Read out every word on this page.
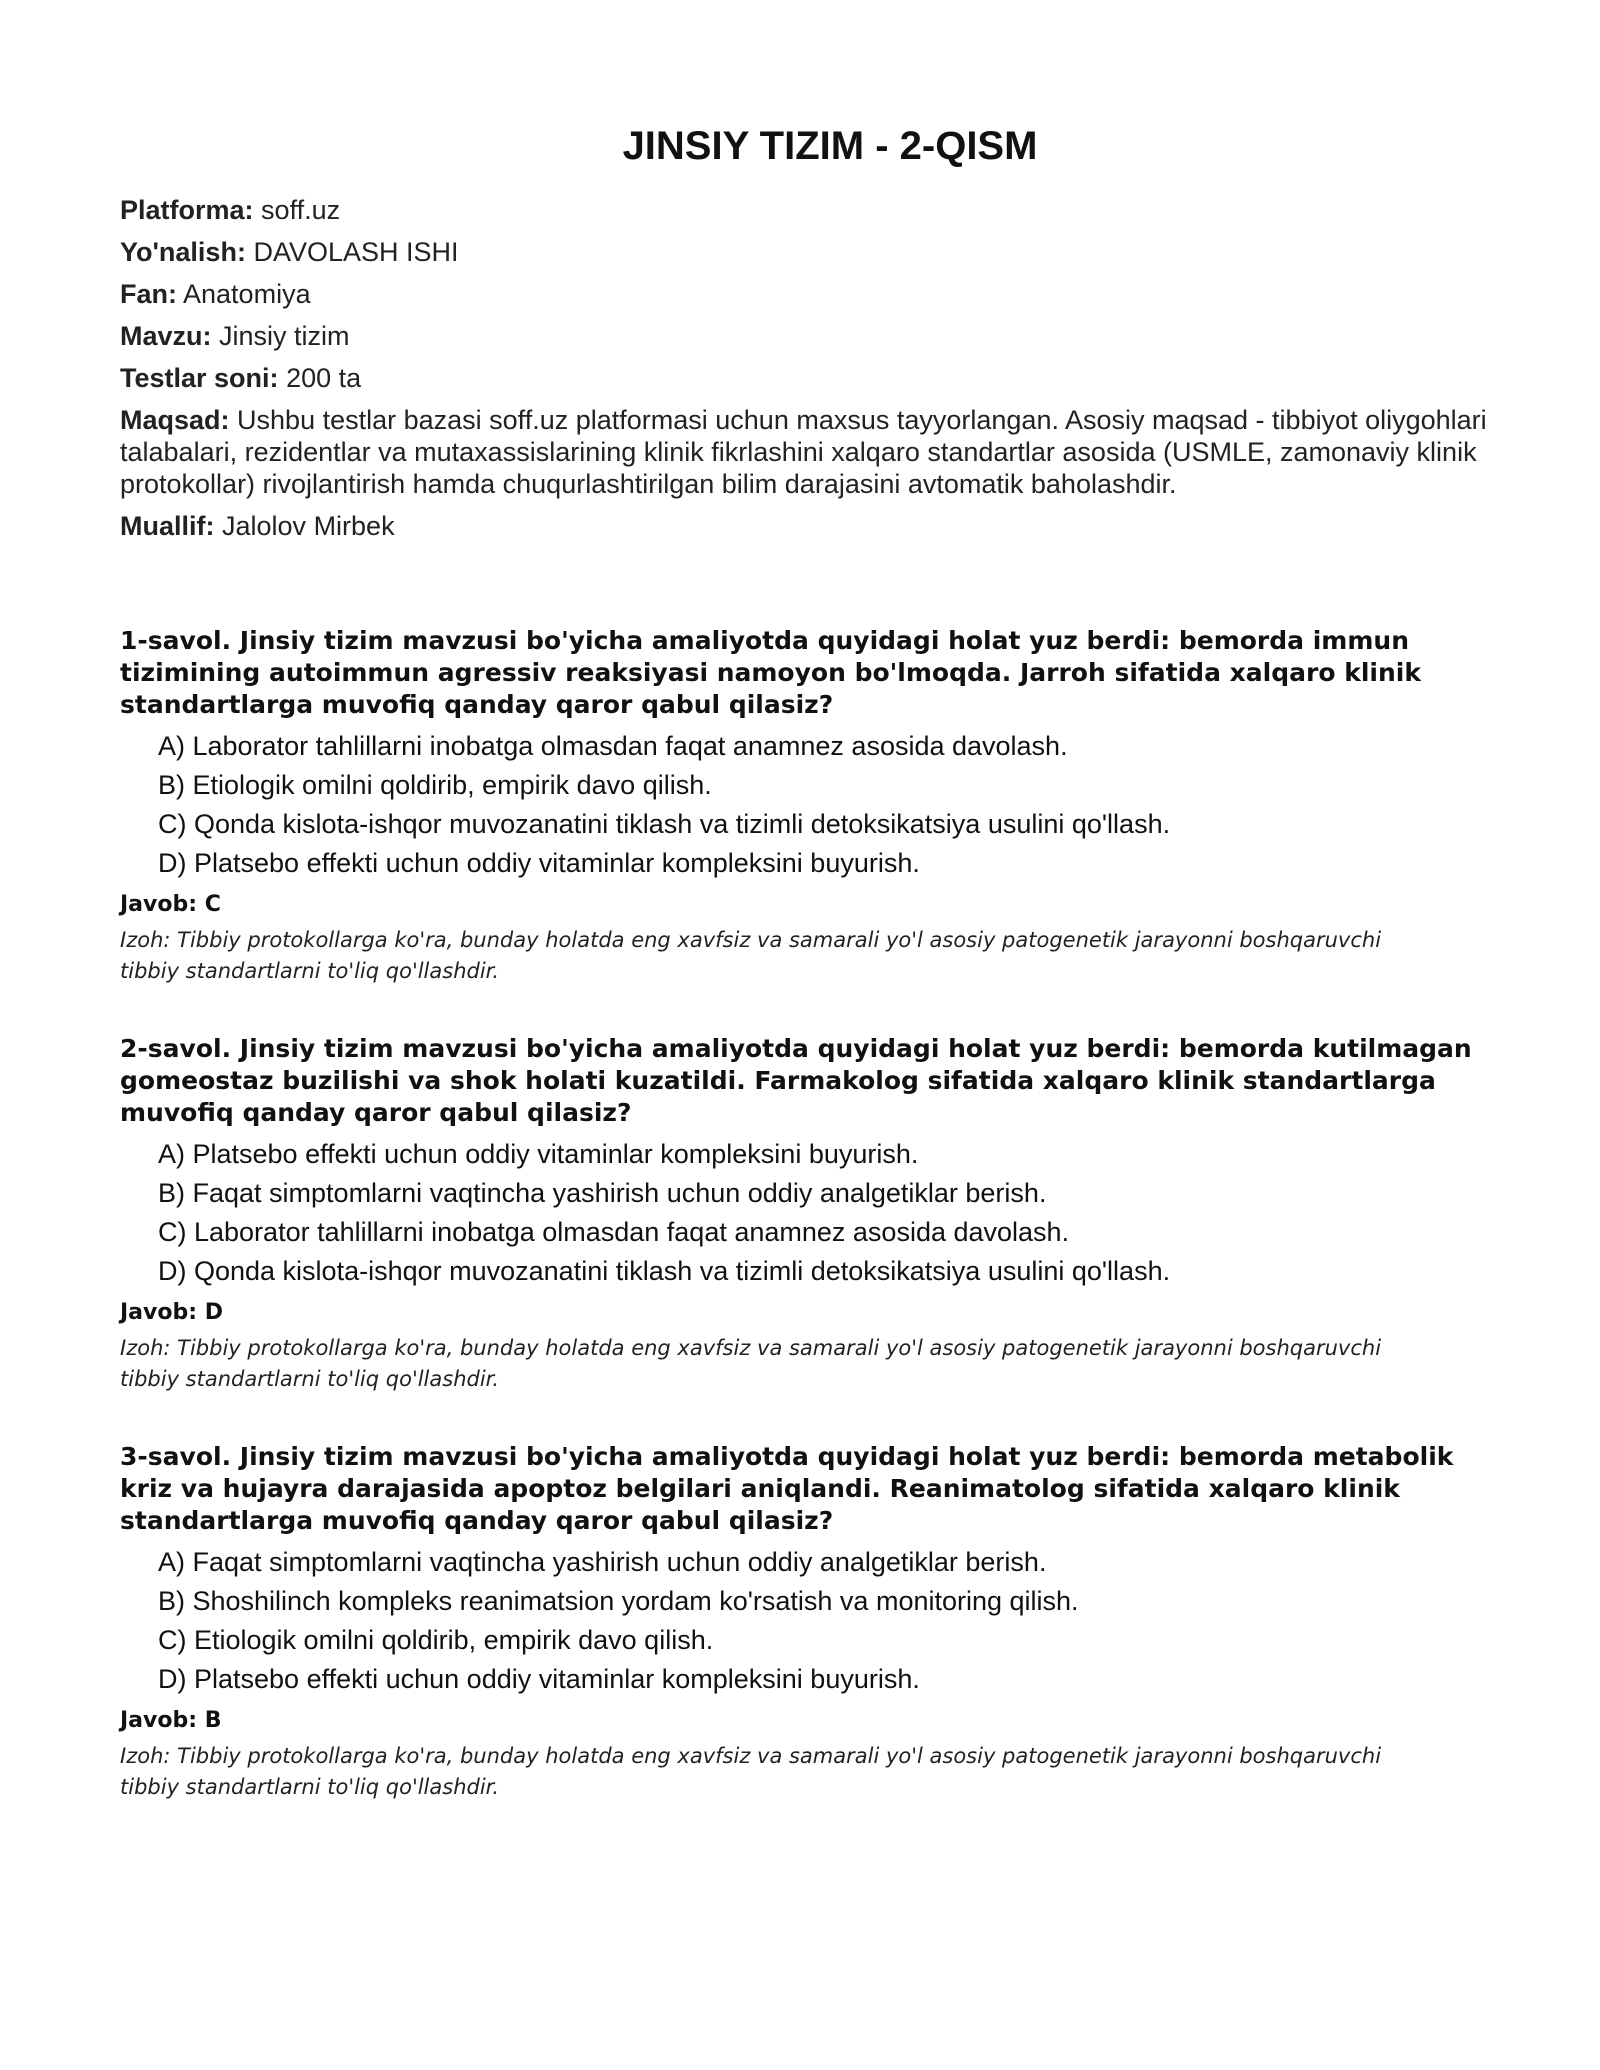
JINSIY TIZIM - 2-QISM
Platforma: soff.uz
Yo'nalish: DAVOLASH ISHI
Fan: Anatomiya
Mavzu: Jinsiy tizim
Testlar soni: 200 ta
Maqsad: Ushbu testlar bazasi soff.uz platformasi uchun maxsus tayyorlangan. Asosiy maqsad - tibbiyot oliygohlari talabalari, rezidentlar va mutaxassislarining klinik fikrlashini xalqaro standartlar asosida (USMLE, zamonaviy klinik protokollar) rivojlantirish hamda chuqurlashtirilgan bilim darajasini avtomatik baholashdir.
Muallif: Jalolov Mirbek

1-savol. Jinsiy tizim mavzusi bo'yicha amaliyotda quyidagi holat yuz berdi: bemorda immun tizimining autoimmun agressiv reaksiyasi namoyon bo'lmoqda. Jarroh sifatida xalqaro klinik standartlarga muvofiq qanday qaror qabul qilasiz?

A) Laborator tahlillarni inobatga olmasdan faqat anamnez asosida davolash.
B) Etiologik omilni qoldirib, empirik davo qilish.
C) Qonda kislota-ishqor muvozanatini tiklash va tizimli detoksikatsiya usulini qo'llash.
D) Platsebo effekti uchun oddiy vitaminlar kompleksini buyurish.
Javob: C
Izoh: Tibbiy protokollarga ko'ra, bunday holatda eng xavfsiz va samarali yo'l asosiy patogenetik jarayonni boshqaruvchi tibbiy standartlarni to'liq qo'llashdir.

2-savol. Jinsiy tizim mavzusi bo'yicha amaliyotda quyidagi holat yuz berdi: bemorda kutilmagan gomeostaz buzilishi va shok holati kuzatildi. Farmakolog sifatida xalqaro klinik standartlarga muvofiq qanday qaror qabul qilasiz?

A) Platsebo effekti uchun oddiy vitaminlar kompleksini buyurish.
B) Faqat simptomlarni vaqtincha yashirish uchun oddiy analgetiklar berish.
C) Laborator tahlillarni inobatga olmasdan faqat anamnez asosida davolash.
D) Qonda kislota-ishqor muvozanatini tiklash va tizimli detoksikatsiya usulini qo'llash.
Javob: D
Izoh: Tibbiy protokollarga ko'ra, bunday holatda eng xavfsiz va samarali yo'l asosiy patogenetik jarayonni boshqaruvchi tibbiy standartlarni to'liq qo'llashdir.

3-savol. Jinsiy tizim mavzusi bo'yicha amaliyotda quyidagi holat yuz berdi: bemorda metabolik kriz va hujayra darajasida apoptoz belgilari aniqlandi. Reanimatolog sifatida xalqaro klinik standartlarga muvofiq qanday qaror qabul qilasiz?

A) Faqat simptomlarni vaqtincha yashirish uchun oddiy analgetiklar berish.
B) Shoshilinch kompleks reanimatsion yordam ko'rsatish va monitoring qilish.
C) Etiologik omilni qoldirib, empirik davo qilish.
D) Platsebo effekti uchun oddiy vitaminlar kompleksini buyurish.
Javob: B
Izoh: Tibbiy protokollarga ko'ra, bunday holatda eng xavfsiz va samarali yo'l asosiy patogenetik jarayonni boshqaruvchi tibbiy standartlarni to'liq qo'llashdir.
